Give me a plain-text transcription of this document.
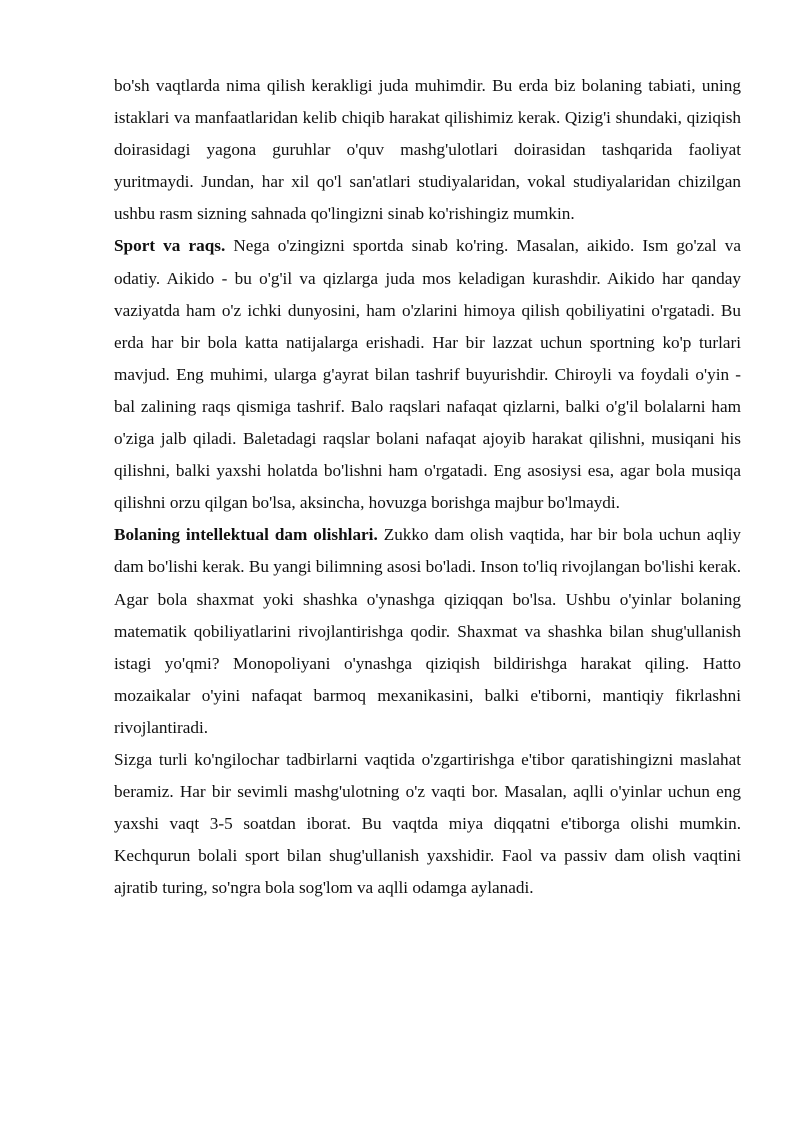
bo'sh vaqtlarda nima qilish kerakligi juda muhimdir. Bu erda biz bolaning tabiati, uning istaklari va manfaatlaridan kelib chiqib harakat qilishimiz kerak. Qizig'i shundaki, qiziqish doirasidagi yagona guruhlar o'quv mashg'ulotlari doirasidan tashqarida faoliyat yuritmaydi. Jundan, har xil qo'l san'atlari studiyalaridan, vokal studiyalaridan chizilgan ushbu rasm sizning sahnada qo'lingizni sinab ko'rishingiz mumkin.

Sport va raqs. Nega o'zingizni sportda sinab ko'ring. Masalan, aikido. Ism go'zal va odatiy. Aikido - bu o'g'il va qizlarga juda mos keladigan kurashdir. Aikido har qanday vaziyatda ham o'z ichki dunyosini, ham o'zlarini himoya qilish qobiliyatini o'rgatadi. Bu erda har bir bola katta natijalarga erishadi. Har bir lazzat uchun sportning ko'p turlari mavjud. Eng muhimi, ularga g'ayrat bilan tashrif buyurishdir. Chiroyli va foydali o'yin - bal zalining raqs qismiga tashrif. Balo raqslari nafaqat qizlarni, balki o'g'il bolalarni ham o'ziga jalb qiladi. Baletadagi raqslar bolani nafaqat ajoyib harakat qilishni, musiqani his qilishni, balki yaxshi holatda bo'lishni ham o'rgatadi. Eng asosiysi esa, agar bola musiqa qilishni orzu qilgan bo'lsa, aksincha, hovuzga borishga majbur bo'lmaydi.

Bolaning intellektual dam olishlari. Zukko dam olish vaqtida, har bir bola uchun aqliy dam bo'lishi kerak. Bu yangi bilimning asosi bo'ladi. Inson to'liq rivojlangan bo'lishi kerak. Agar bola shaxmat yoki shashka o'ynashga qiziqqan bo'lsa. Ushbu o'yinlar bolaning matematik qobiliyatlarini rivojlantirishga qodir. Shaxmat va shashka bilan shug'ullanish istagi yo'qmi? Monopoliyani o'ynashga qiziqish bildirishga harakat qiling. Hatto mozaikalar o'yini nafaqat barmoq mexanikasini, balki e'tiborni, mantiqiy fikrlashni rivojlantiradi.

Sizga turli ko'ngilochar tadbirlarni vaqtida o'zgartirishga e'tibor qaratishingizni maslahat beramiz. Har bir sevimli mashg'ulotning o'z vaqti bor. Masalan, aqlli o'yinlar uchun eng yaxshi vaqt 3-5 soatdan iborat. Bu vaqtda miya diqqatni e'tiborga olishi mumkin. Kechqurun bolali sport bilan shug'ullanish yaxshidir. Faol va passiv dam olish vaqtini ajratib turing, so'ngra bola sog'lom va aqlli odamga aylanadi.
